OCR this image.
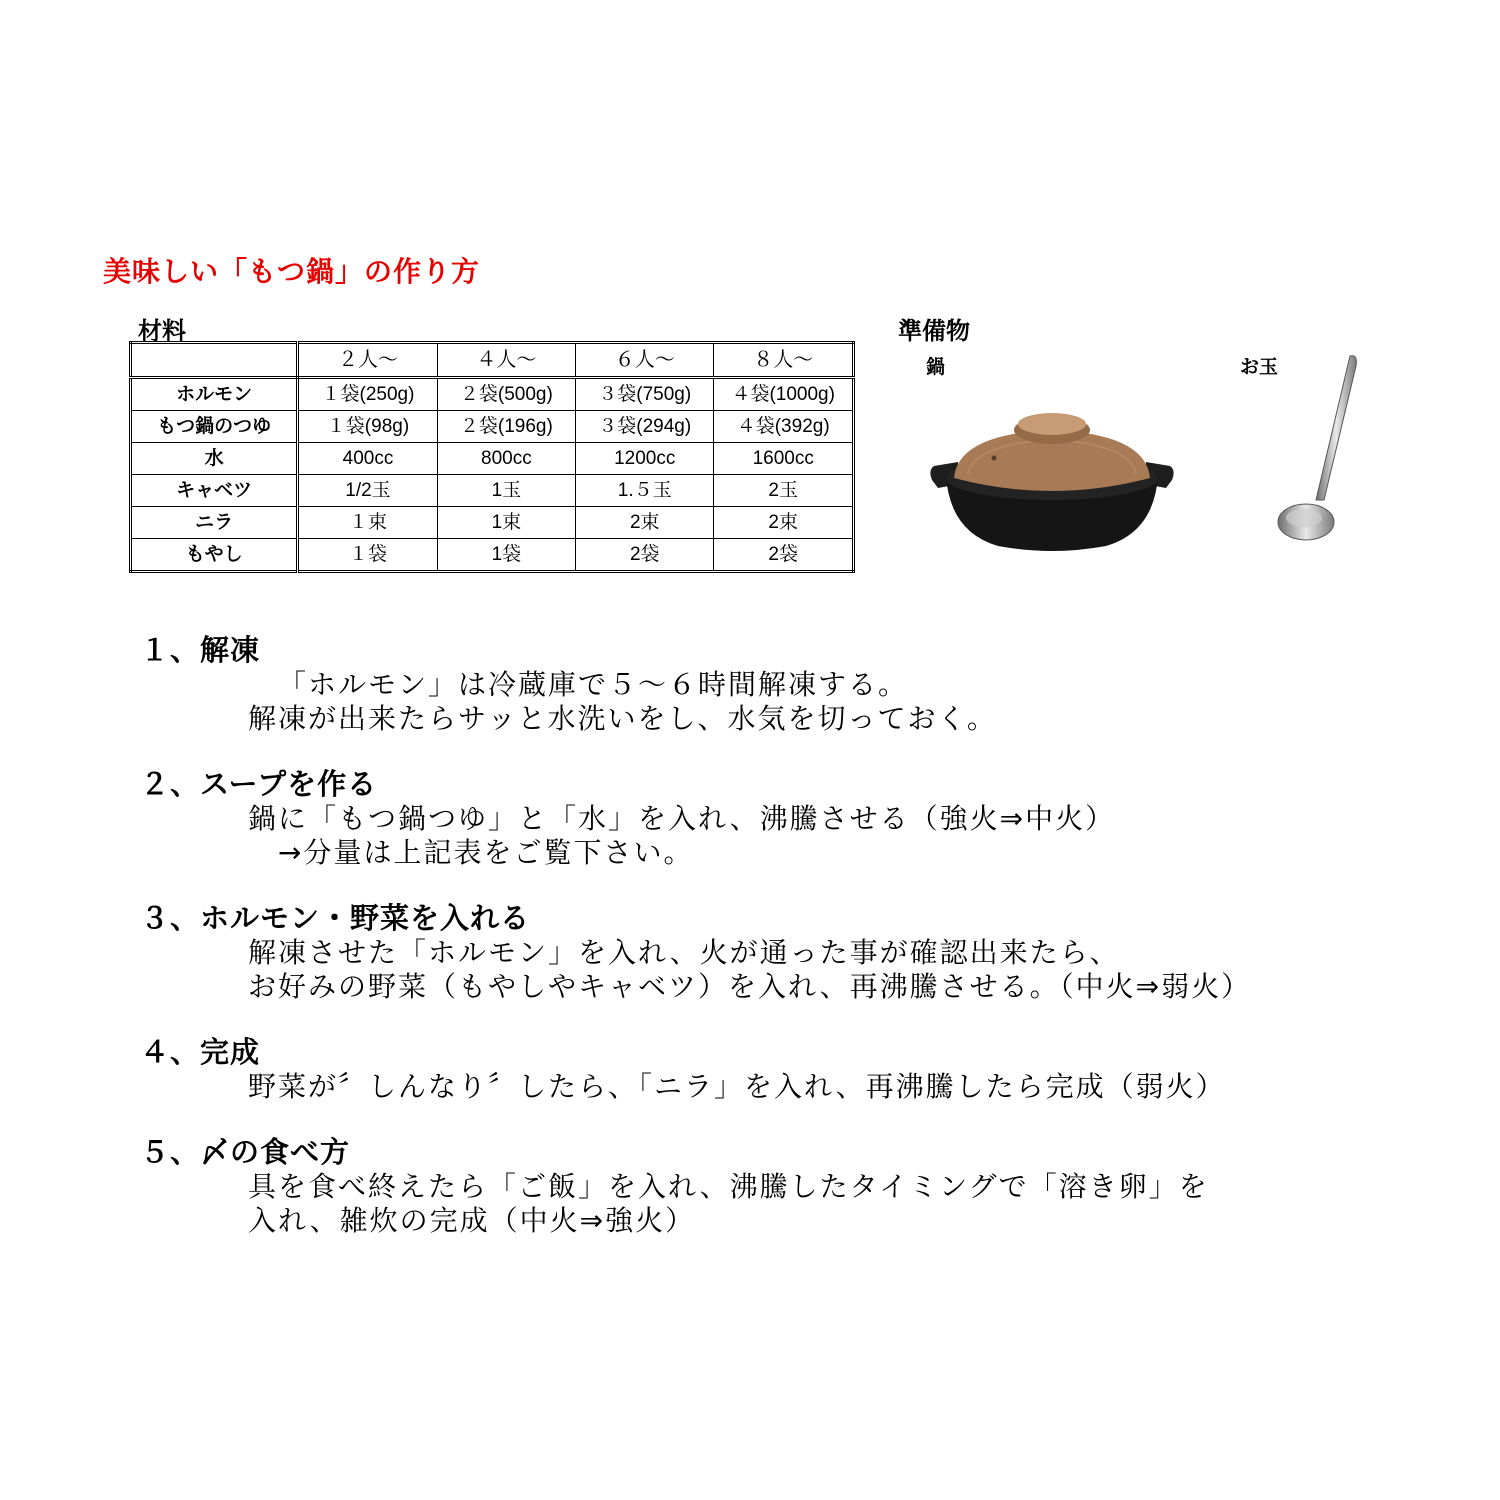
美味しい「もつ鍋」の作り方
材料	準備物
鍋	お玉
	２人～	４人～	６人～	８人～
ホルモン	１袋(250g)	２袋(500g)	３袋(750g)	４袋(1000g)
もつ鍋のつゆ	１袋(98g)	２袋(196g)	３袋(294g)	４袋(392g)
水	400cc	800cc	1200cc	1600cc
キャベツ	1/2玉	1玉	1.５玉	2玉
ニラ	１束	1束	2束	2束
もやし	１袋	1袋	2袋	2袋
１、解凍
「ホルモン」は冷蔵庫で５～６時間解凍する。
解凍が出来たらサッと水洗いをし、水気を切っておく。
２、スープを作る
鍋に「もつ鍋つゆ」と「水」を入れ、沸騰させる（強火⇒中火）
→分量は上記表をご覧下さい。
３、ホルモン・野菜を入れる
解凍させた「ホルモン」を入れ、火が通った事が確認出来たら、
お好みの野菜（もやしやキャベツ）を入れ、再沸騰させる。（中火⇒弱火）
４、完成
野菜が〞しんなり〞したら、「ニラ」を入れ、再沸騰したら完成（弱火）
５、〆の食べ方
具を食べ終えたら「ご飯」を入れ、沸騰したタイミングで「溶き卵」を
入れ、雑炊の完成（中火⇒強火）
